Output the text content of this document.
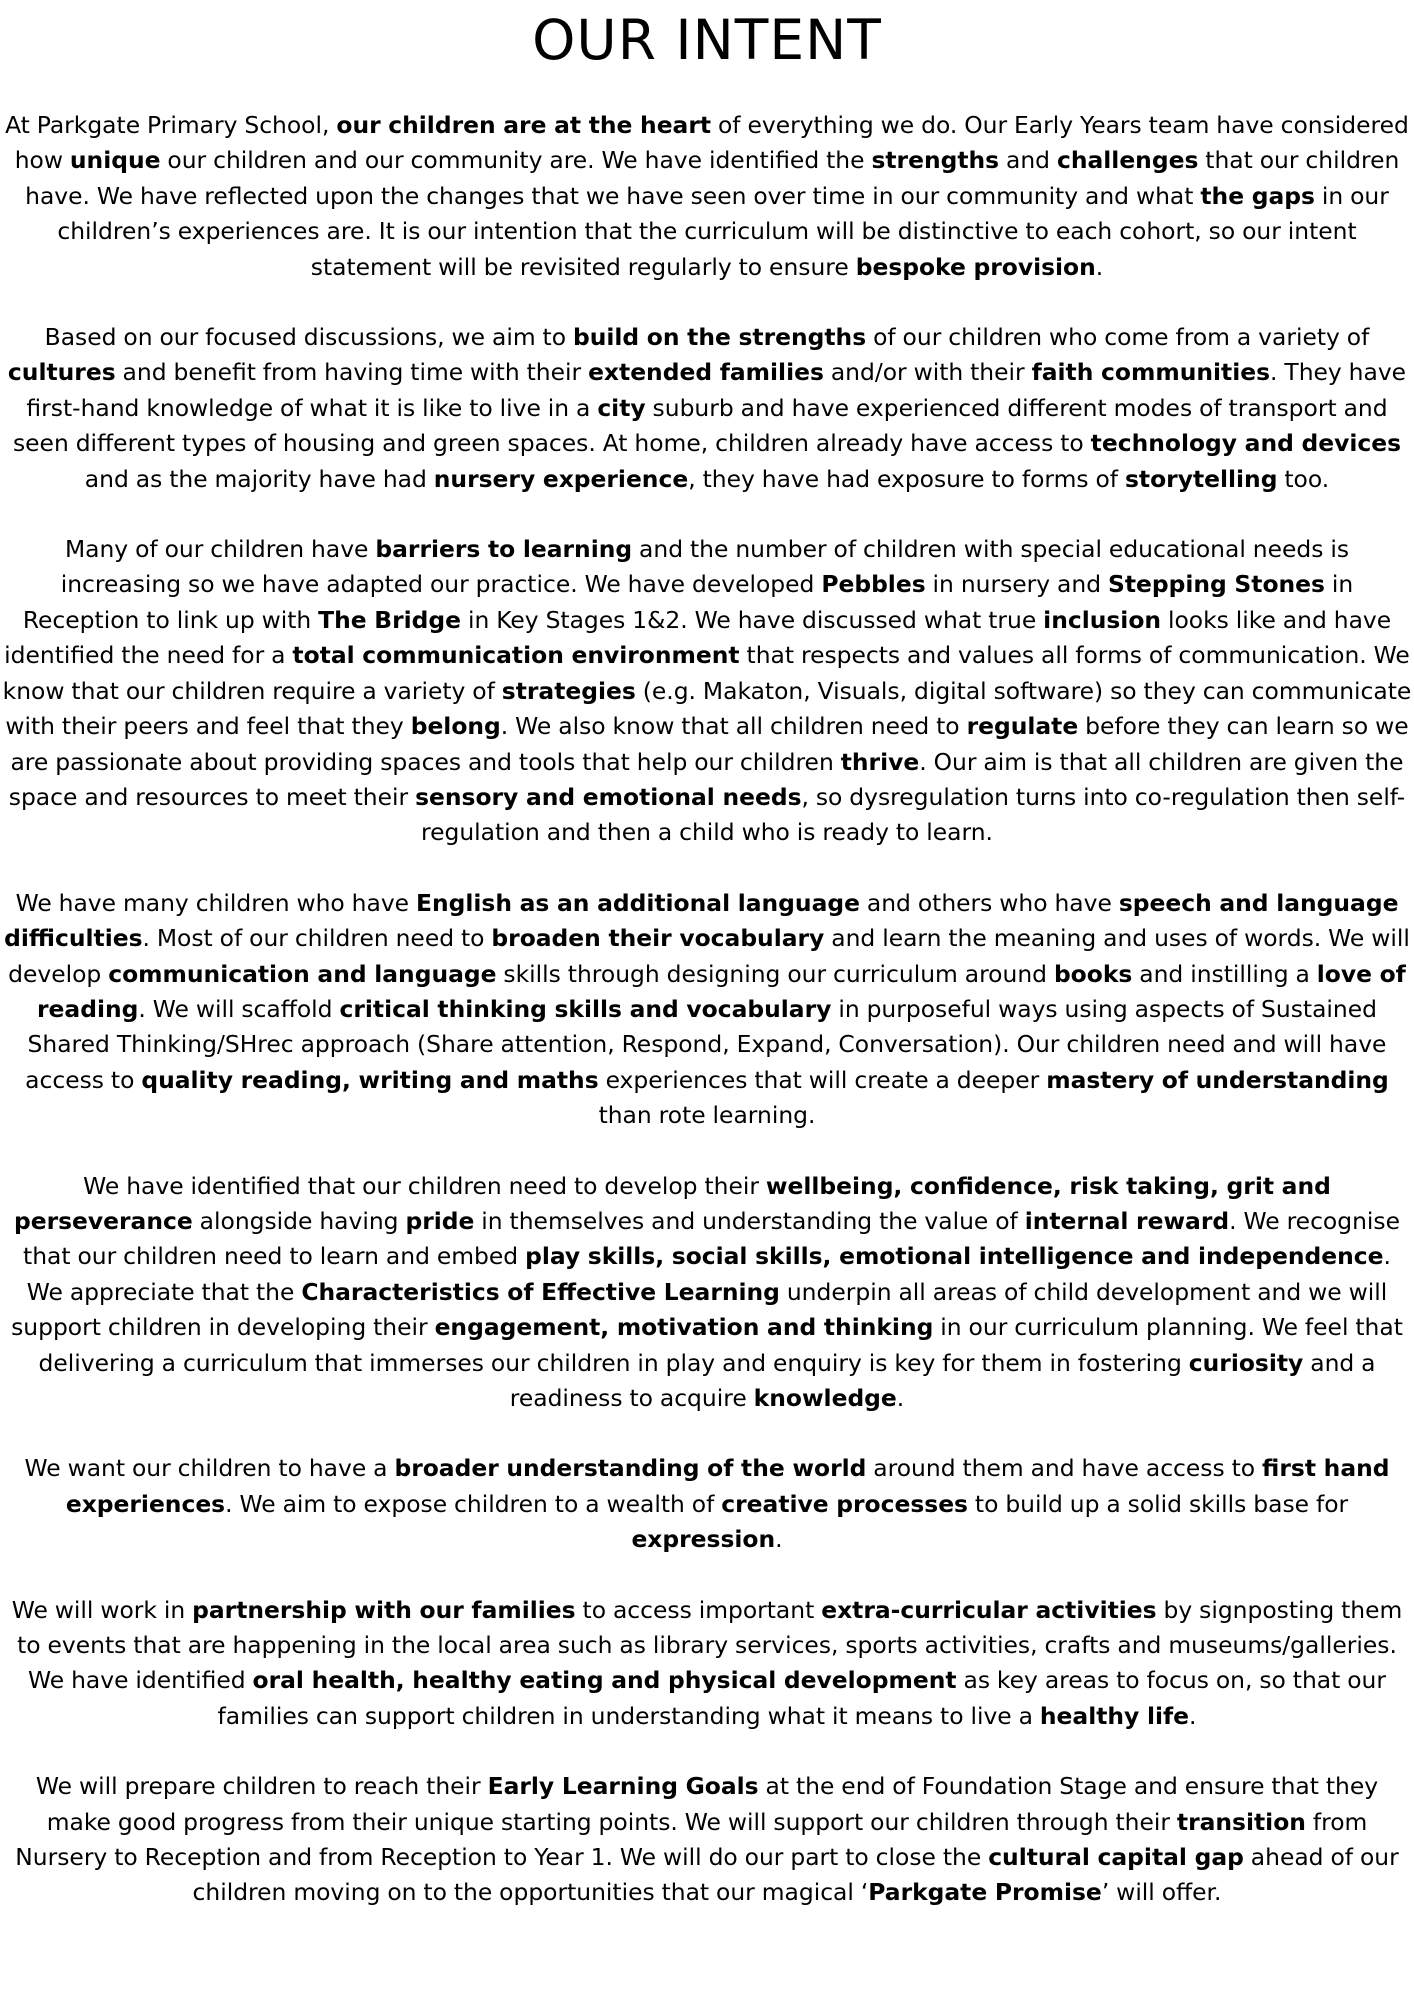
OUR INTENT

At Parkgate Primary School, our children are at the heart of everything we do. Our Early Years team have considered how unique our children and our community are. We have identified the strengths and challenges that our children have. We have reflected upon the changes that we have seen over time in our community and what the gaps in our children’s experiences are. It is our intention that the curriculum will be distinctive to each cohort, so our intent statement will be revisited regularly to ensure bespoke provision.

Based on our focused discussions, we aim to build on the strengths of our children who come from a variety of cultures and benefit from having time with their extended families and/or with their faith communities. They have first-hand knowledge of what it is like to live in a city suburb and have experienced different modes of transport and seen different types of housing and green spaces. At home, children already have access to technology and devices and as the majority have had nursery experience, they have had exposure to forms of storytelling too.

Many of our children have barriers to learning and the number of children with special educational needs is increasing so we have adapted our practice. We have developed Pebbles in nursery and Stepping Stones in Reception to link up with The Bridge in Key Stages 1&2. We have discussed what true inclusion looks like and have identified the need for a total communication environment that respects and values all forms of communication. We know that our children require a variety of strategies (e.g. Makaton, Visuals, digital software) so they can communicate with their peers and feel that they belong. We also know that all children need to regulate before they can learn so we are passionate about providing spaces and tools that help our children thrive. Our aim is that all children are given the space and resources to meet their sensory and emotional needs, so dysregulation turns into co-regulation then self-regulation and then a child who is ready to learn.

We have many children who have English as an additional language and others who have speech and language difficulties. Most of our children need to broaden their vocabulary and learn the meaning and uses of words. We will develop communication and language skills through designing our curriculum around books and instilling a love of reading. We will scaffold critical thinking skills and vocabulary in purposeful ways using aspects of Sustained Shared Thinking/SHrec approach (Share attention, Respond, Expand, Conversation). Our children need and will have access to quality reading, writing and maths experiences that will create a deeper mastery of understanding than rote learning.

We have identified that our children need to develop their wellbeing, confidence, risk taking, grit and perseverance alongside having pride in themselves and understanding the value of internal reward. We recognise that our children need to learn and embed play skills, social skills, emotional intelligence and independence. We appreciate that the Characteristics of Effective Learning underpin all areas of child development and we will support children in developing their engagement, motivation and thinking in our curriculum planning. We feel that delivering a curriculum that immerses our children in play and enquiry is key for them in fostering curiosity and a readiness to acquire knowledge.

We want our children to have a broader understanding of the world around them and have access to first hand experiences. We aim to expose children to a wealth of creative processes to build up a solid skills base for expression.

We will work in partnership with our families to access important extra-curricular activities by signposting them to events that are happening in the local area such as library services, sports activities, crafts and museums/galleries. We have identified oral health, healthy eating and physical development as key areas to focus on, so that our families can support children in understanding what it means to live a healthy life.

We will prepare children to reach their Early Learning Goals at the end of Foundation Stage and ensure that they make good progress from their unique starting points. We will support our children through their transition from Nursery to Reception and from Reception to Year 1. We will do our part to close the cultural capital gap ahead of our children moving on to the opportunities that our magical ‘Parkgate Promise’ will offer.
